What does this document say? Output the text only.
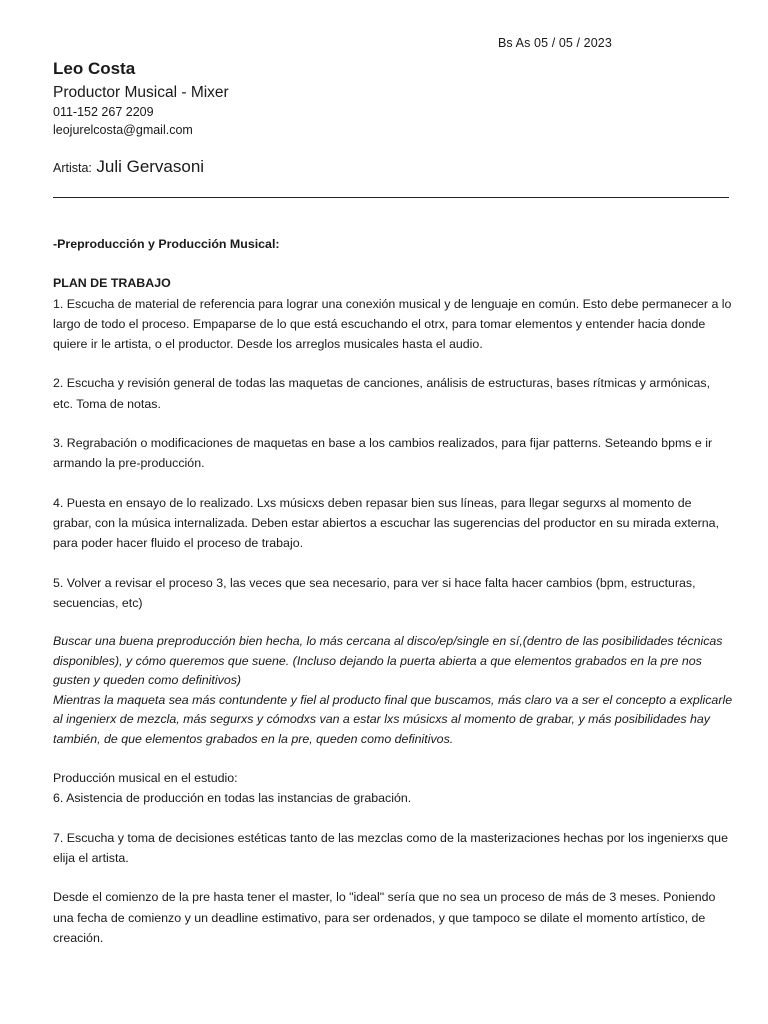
Bs As 05 / 05 / 2023

Leo Costa

Productor Musical - Mixer
011-152 267 2209
leojurelcosta@gmail.com
Artista: Juli Gervasoni

-Preproducción y Producción Musical:

PLAN DE TRABAJO

1. Escucha de material de referencia para lograr una conexión musical y de lenguaje en común. Esto debe permanecer a lo largo de todo el proceso. Empaparse de lo que está escuchando el otrx, para tomar elementos y entender hacia donde quiere ir le artista, o el productor. Desde los arreglos musicales hasta el audio.

2. Escucha y revisión general de todas las maquetas de canciones, análisis de estructuras, bases rítmicas y armónicas, etc. Toma de notas.

3. Regrabación o modificaciones de maquetas en base a los cambios realizados, para fijar patterns. Seteando bpms e ir armando la pre-producción.

4. Puesta en ensayo de lo realizado. Lxs músicxs deben repasar bien sus líneas, para llegar segurxs al momento de grabar, con la música internalizada. Deben estar abiertos a escuchar las sugerencias del productor en su mirada externa, para poder hacer fluido el proceso de trabajo.

5. Volver a revisar el proceso 3, las veces que sea necesario, para ver si hace falta hacer cambios (bpm, estructuras, secuencias, etc)

Buscar una buena preproducción bien hecha, lo más cercana al disco/ep/single en sí,(dentro de las posibilidades técnicas disponibles), y cómo queremos que suene. (Incluso dejando la puerta abierta a que elementos grabados en la pre nos gusten y queden como definitivos)

Mientras la maqueta sea más contundente y fiel al producto final que buscamos, más claro va a ser el concepto a explicarle al ingenierx de mezcla, más segurxs y cómodxs van a estar lxs músicxs al momento de grabar, y más posibilidades hay también, de que elementos grabados en la pre, queden como definitivos.

Producción musical en el estudio:

6. Asistencia de producción en todas las instancias de grabación.

7. Escucha y toma de decisiones estéticas tanto de las mezclas como de la masterizaciones hechas por los ingenierxs que elija el artista.

Desde el comienzo de la pre hasta tener el master, lo "ideal" sería que no sea un proceso de más de 3 meses. Poniendo una fecha de comienzo y un deadline estimativo, para ser ordenados, y que tampoco se dilate el momento artístico, de creación.
